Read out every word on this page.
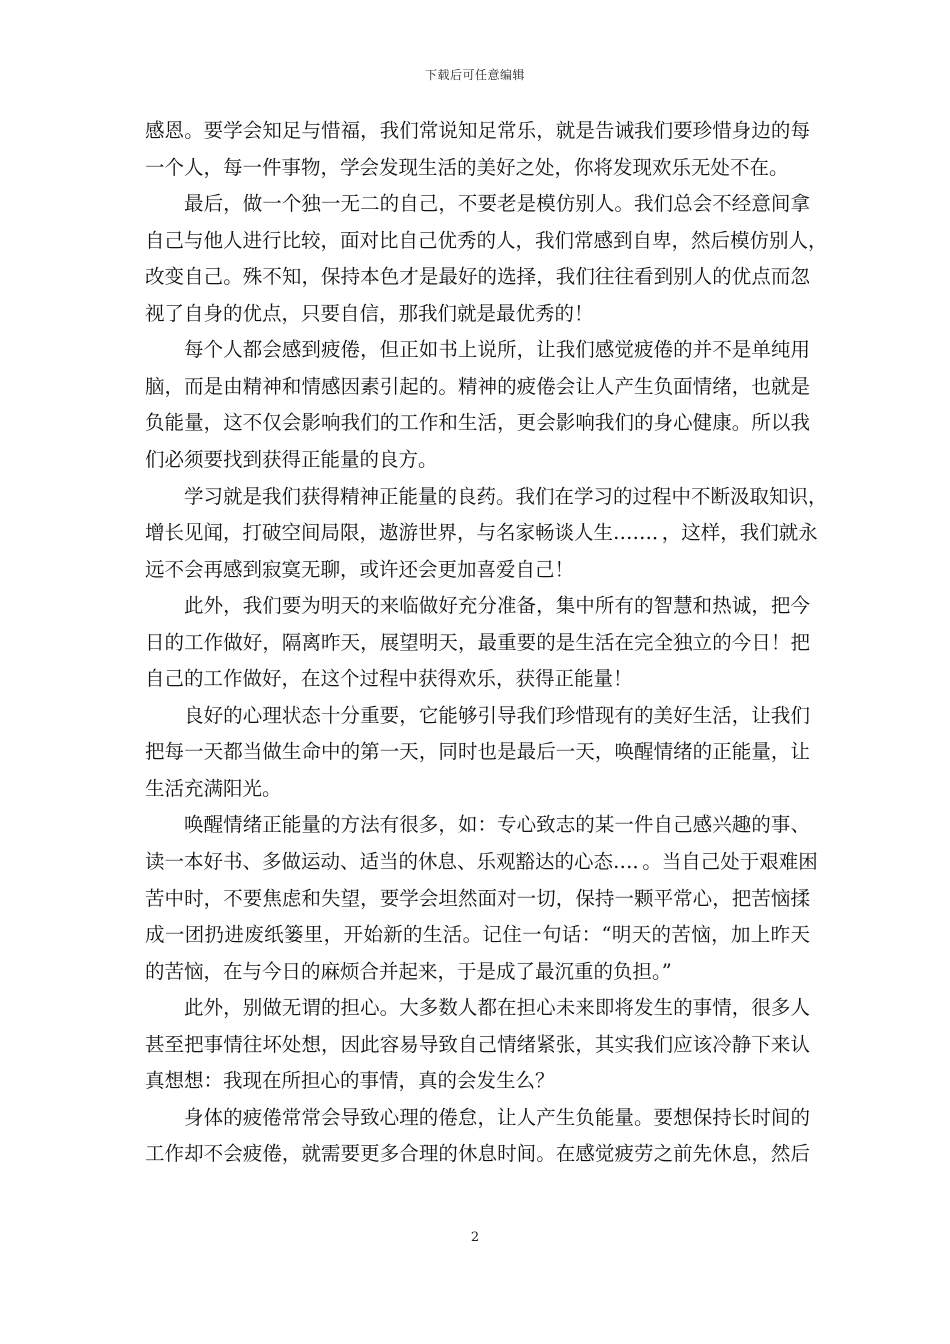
下载后可任意编辑
感恩。要学会知足与惜福，我们常说知足常乐，就是告诫我们要珍惜身边的每
一个人，每一件事物，学会发现生活的美好之处，你将发现欢乐无处不在。
最后，做一个独一无二的自己，不要老是模仿别人。我们总会不经意间拿
自己与他人进行比较，面对比自己优秀的人，我们常感到自卑，然后模仿别人，
改变自己。殊不知，保持本色才是最好的选择，我们往往看到别人的优点而忽
视了自身的优点，只要自信，那我们就是最优秀的！
每个人都会感到疲倦，但正如书上说所，让我们感觉疲倦的并不是单纯用
脑，而是由精神和情感因素引起的。精神的疲倦会让人产生负面情绪，也就是
负能量，这不仅会影响我们的工作和生活，更会影响我们的身心健康。所以我
们必须要找到获得正能量的良方。
学习就是我们获得精神正能量的良药。我们在学习的过程中不断汲取知识，
增长见闻，打破空间局限，遨游世界，与名家畅谈人生……．，这样，我们就永
远不会再感到寂寞无聊，或许还会更加喜爱自己！
此外，我们要为明天的来临做好充分准备，集中所有的智慧和热诚，把今
日的工作做好，隔离昨天，展望明天，最重要的是生活在完全独立的今日！把
自己的工作做好，在这个过程中获得欢乐，获得正能量！
良好的心理状态十分重要，它能够引导我们珍惜现有的美好生活，让我们
把每一天都当做生命中的第一天，同时也是最后一天，唤醒情绪的正能量，让
生活充满阳光。
唤醒情绪正能量的方法有很多，如：专心致志的某一件自己感兴趣的事、
读一本好书、多做运动、适当的休息、乐观豁达的心态…．。当自己处于艰难困
苦中时，不要焦虑和失望，要学会坦然面对一切，保持一颗平常心，把苦恼揉
成一团扔进废纸篓里，开始新的生活。记住一句话：“明天的苦恼，加上昨天
的苦恼，在与今日的麻烦合并起来，于是成了最沉重的负担。”
此外，别做无谓的担心。大多数人都在担心未来即将发生的事情，很多人
甚至把事情往坏处想，因此容易导致自己情绪紧张，其实我们应该冷静下来认
真想想：我现在所担心的事情，真的会发生么？
身体的疲倦常常会导致心理的倦怠，让人产生负能量。要想保持长时间的
工作却不会疲倦，就需要更多合理的休息时间。在感觉疲劳之前先休息，然后
2
